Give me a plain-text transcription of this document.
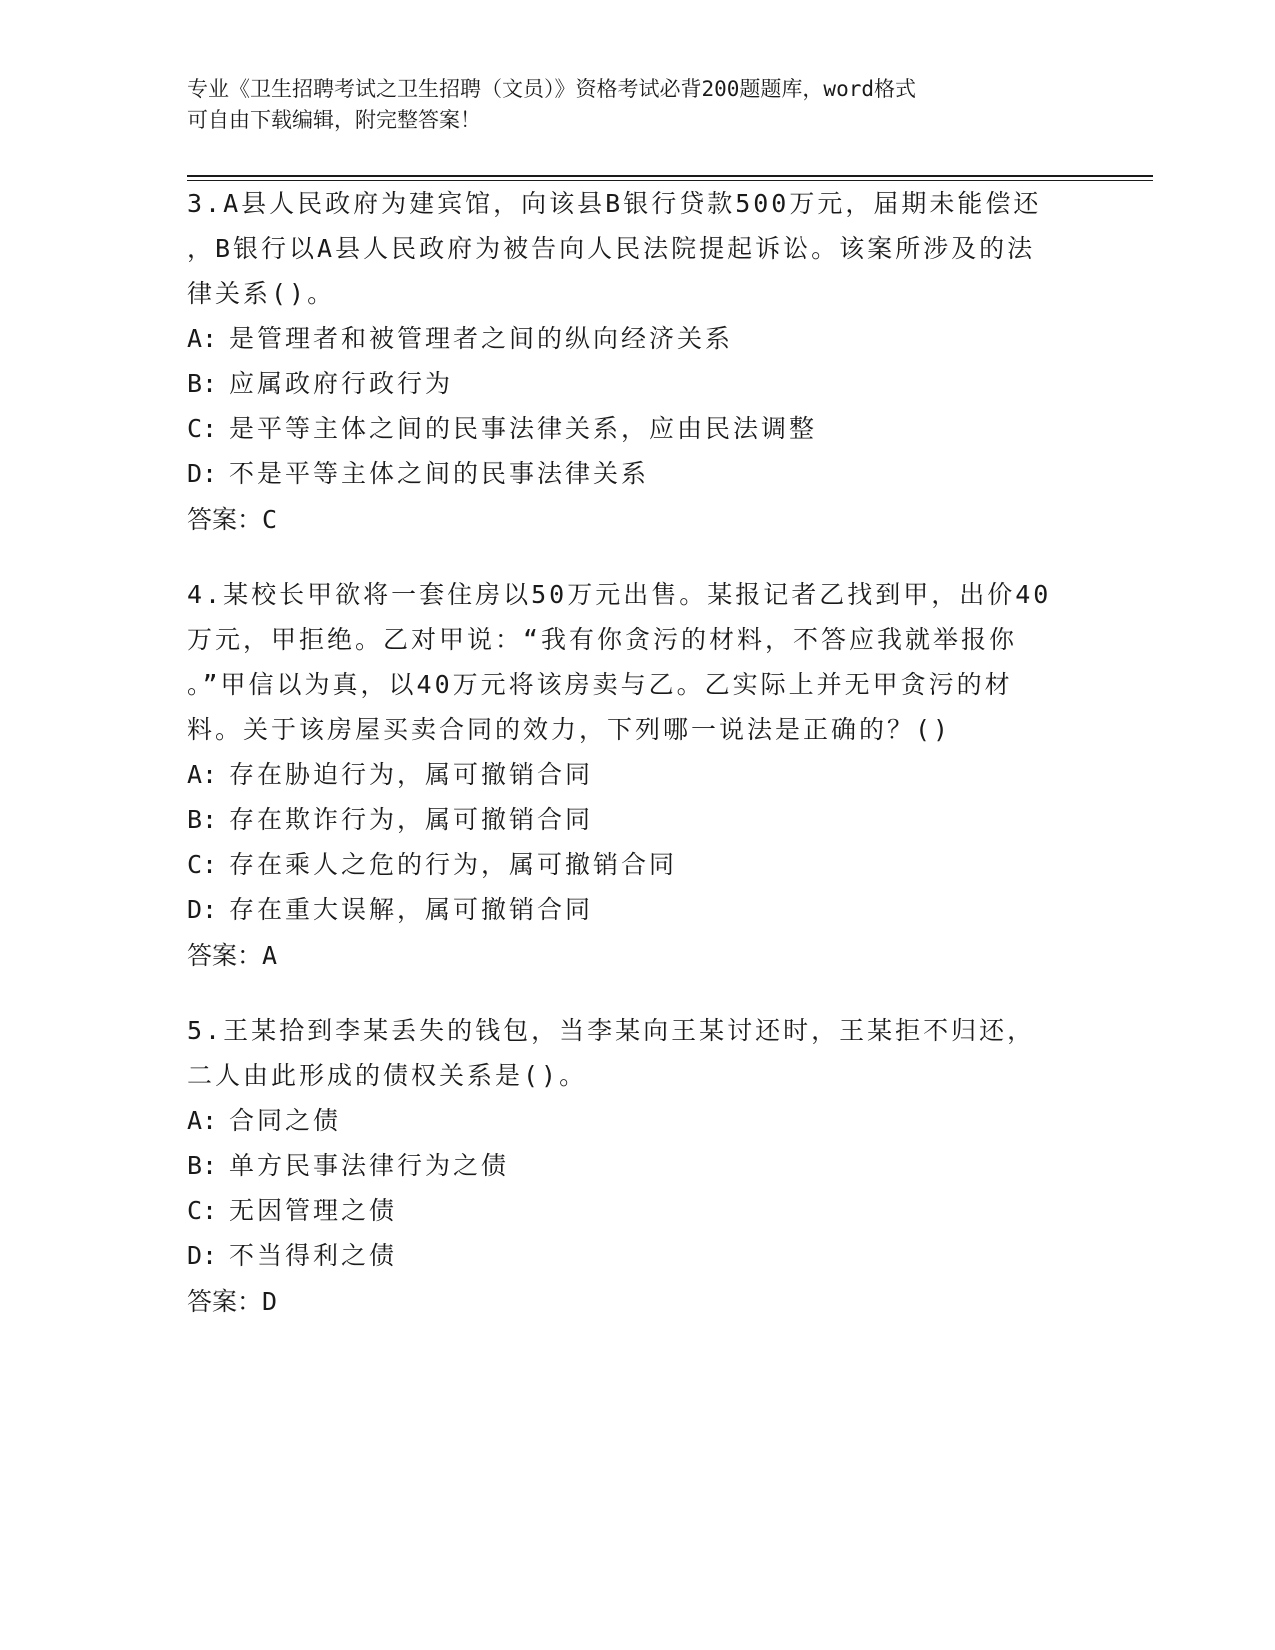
专业《卫生招聘考试之卫生招聘（文员）》资格考试必背200题题库，word格式
可自由下载编辑，附完整答案！
3.A县人民政府为建宾馆，向该县B银行贷款500万元，届期未能偿还
，B银行以A县人民政府为被告向人民法院提起诉讼。该案所涉及的法
律关系()。
A: 是管理者和被管理者之间的纵向经济关系
B: 应属政府行政行为
C: 是平等主体之间的民事法律关系，应由民法调整
D: 不是平等主体之间的民事法律关系
答案：C
4.某校长甲欲将一套住房以50万元出售。某报记者乙找到甲，出价40
万元，甲拒绝。乙对甲说：“我有你贪污的材料，不答应我就举报你
。”甲信以为真，以40万元将该房卖与乙。乙实际上并无甲贪污的材
料。关于该房屋买卖合同的效力，下列哪一说法是正确的？()
A: 存在胁迫行为，属可撤销合同
B: 存在欺诈行为，属可撤销合同
C: 存在乘人之危的行为，属可撤销合同
D: 存在重大误解，属可撤销合同
答案：A
5.王某拾到李某丢失的钱包，当李某向王某讨还时，王某拒不归还，
二人由此形成的债权关系是()。
A: 合同之债
B: 单方民事法律行为之债
C: 无因管理之债
D: 不当得利之债
答案：D
